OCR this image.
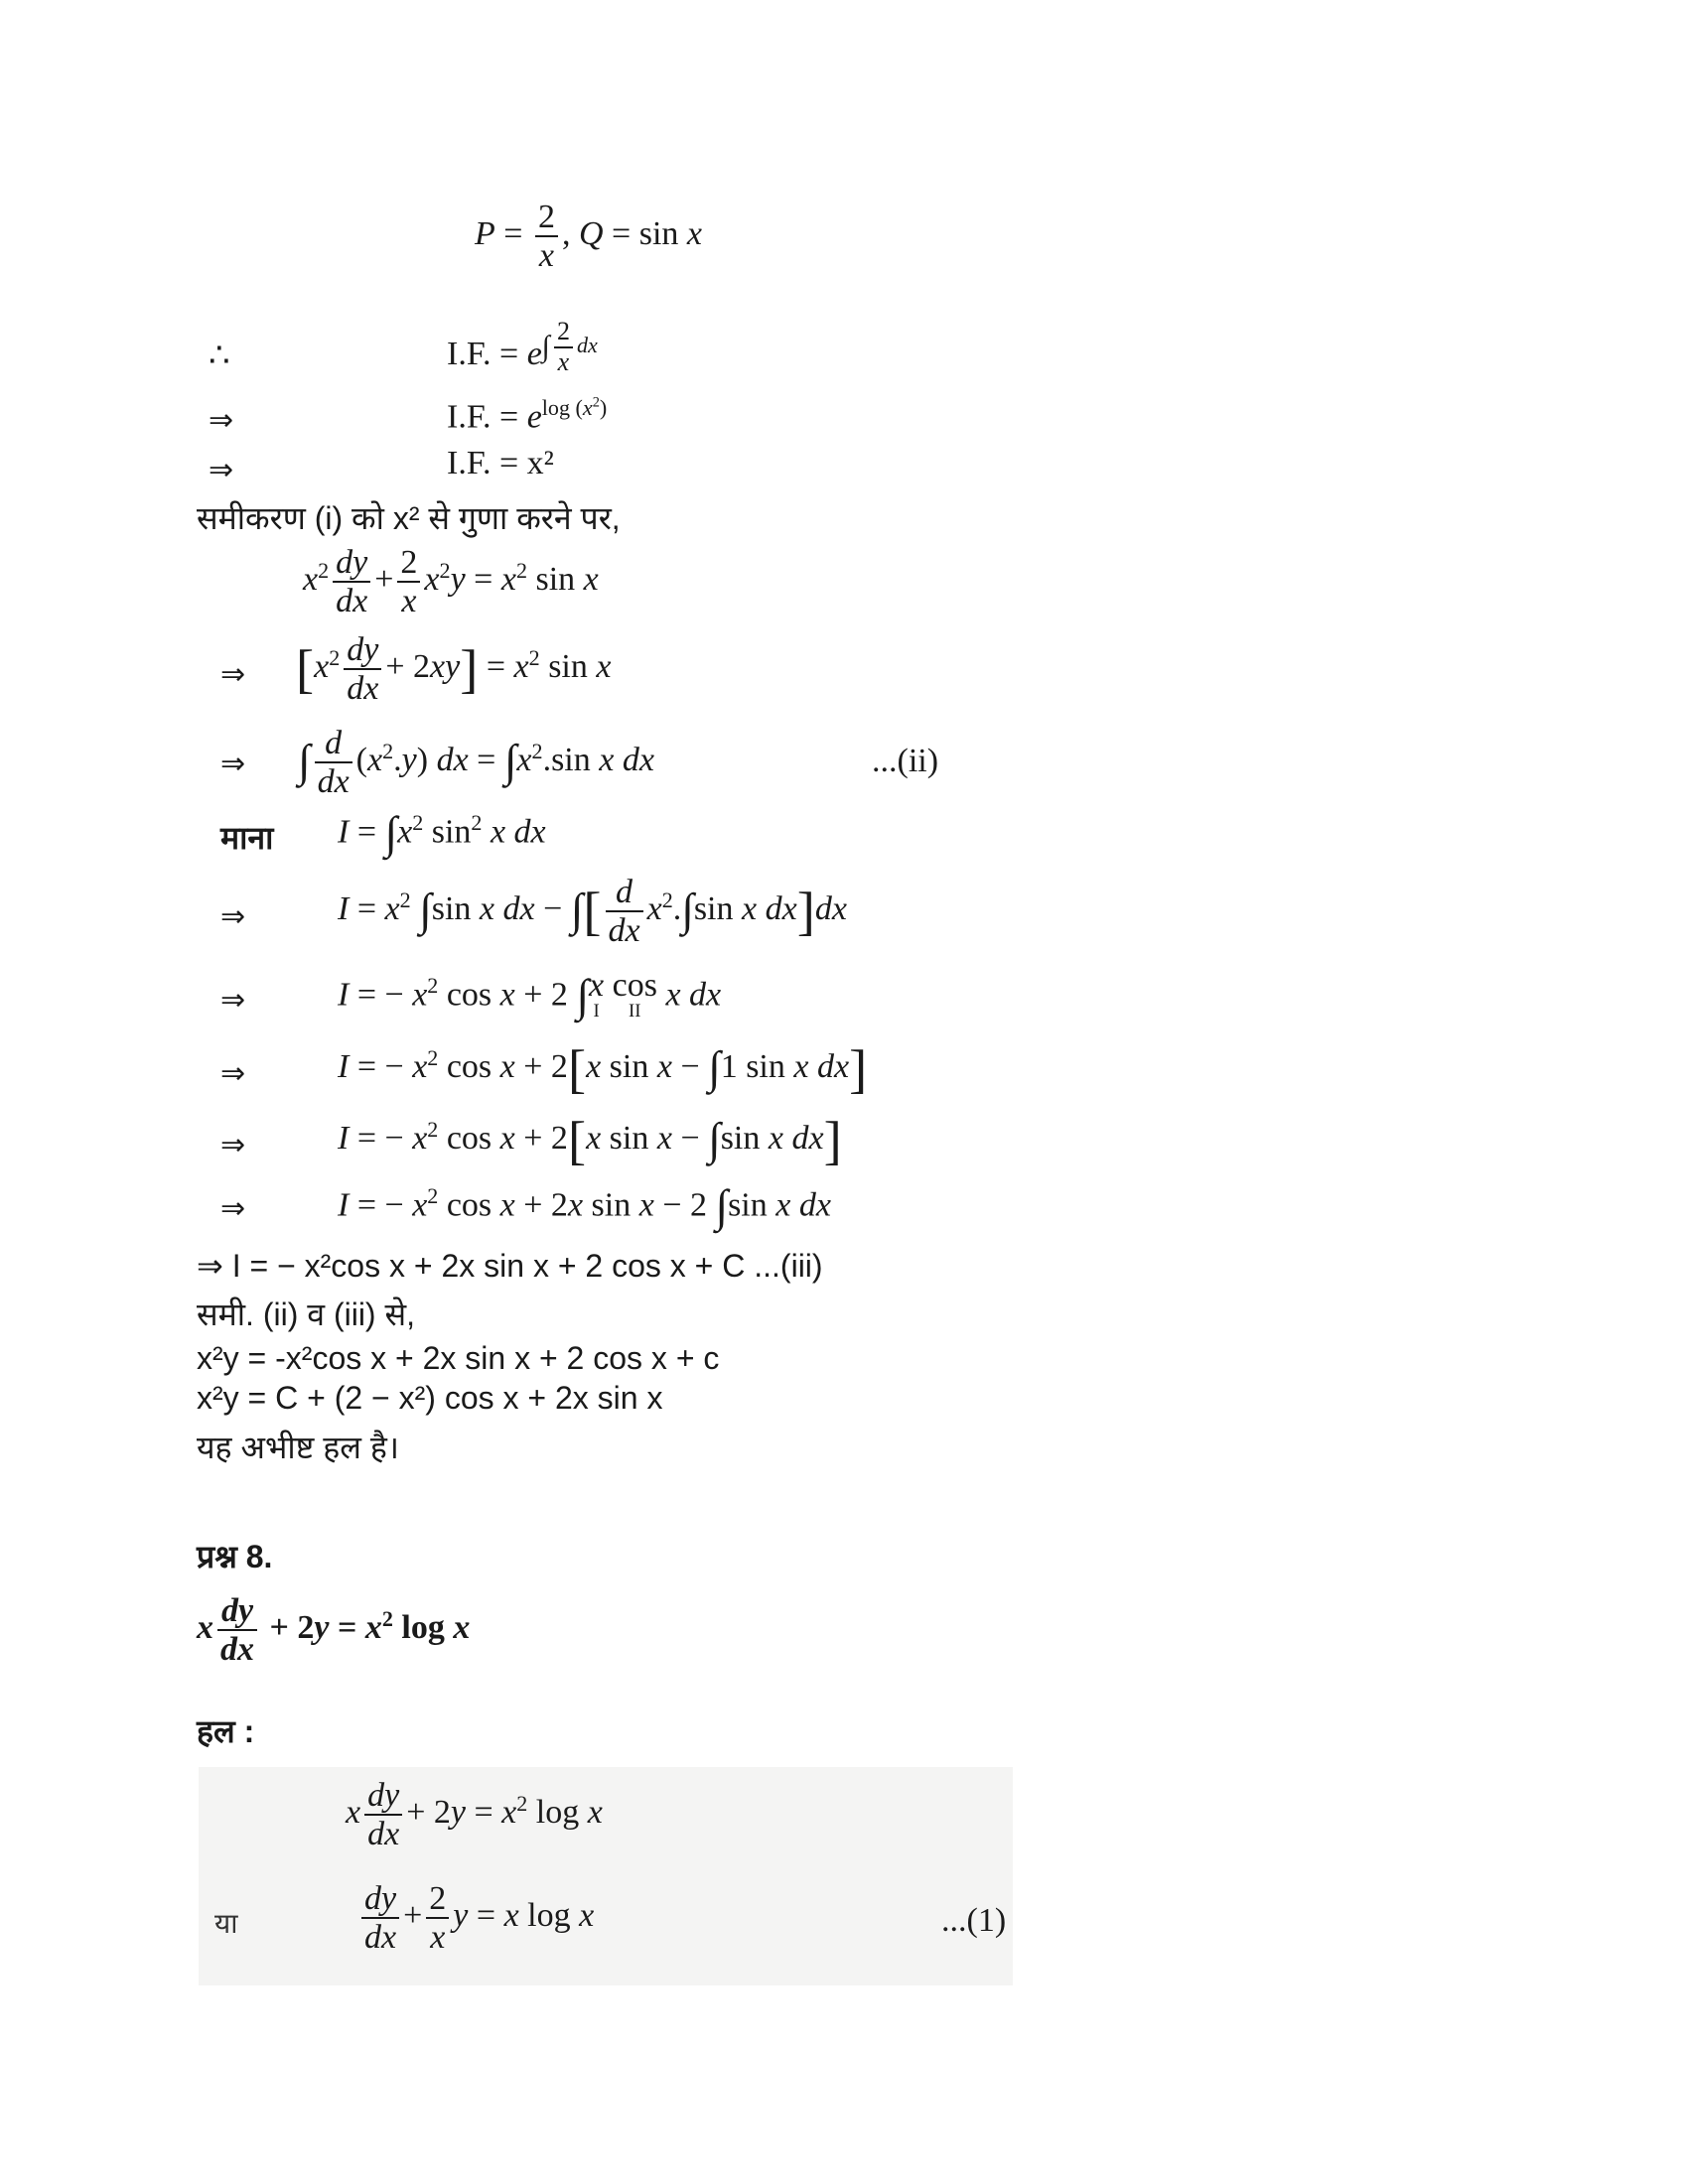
$P = \frac{2}{x}$ , Q = sin x
∴	I.F. = $e^{\int \frac{2}{x} dx}$
⇒	I.F. = $e^{log (x^2)}$
⇒	I.F. = x²
समीकरण (i) को x² से गुणा करने पर,
$x^2 \frac{dy}{dx} + \frac{2}{x} x^2y = x^2$ sin x
⇒ $[x^2 \frac{dy}{dx} + 2xy] = x^2$ sin x
⇒ ∫ $\frac{d}{dx} (x^2.y)$ dx = $\int x^2.\sin$ x dx	...(ii)
माना $I = \int x^2$ $\sin^2 x$ dx
⇒	$I = x^2$ ∫sin x dx − ∫[ $\frac{d}{dx} x^2.\int\sin$ x dx]dx
⇒	I = − $x^2$ cos x + 2 ∫x
I
cos
II x dx
⇒	I = − $x^2$ cos x + 2[x sin x − ∫1 sin x dx]
⇒	I = − $x^2$ cos x + 2[x sin x − ∫sin x dx]
⇒	I = − $x^2$ cos x + 2x sin x − 2 ∫sin x dx
⇒ I = − x²cos x + 2x sin x + 2 cos x + C ...(iii)
समी. (ii) व (iii) से,
x²y = -x²cos x + 2x sin x + 2 cos x + c
x²y = C + (2 − x²) cos x + 2x sin x
यह अभीष्ट हल है।
प्रश्न 8.
x $\frac{dy}{dx} + 2y = x^2$ log x
हल :
x $\frac{dy}{dx} + 2y = x^2$ log x
या	$\frac{dy}{dx} + \frac{2}{x}$ y = x log x	...(1)
